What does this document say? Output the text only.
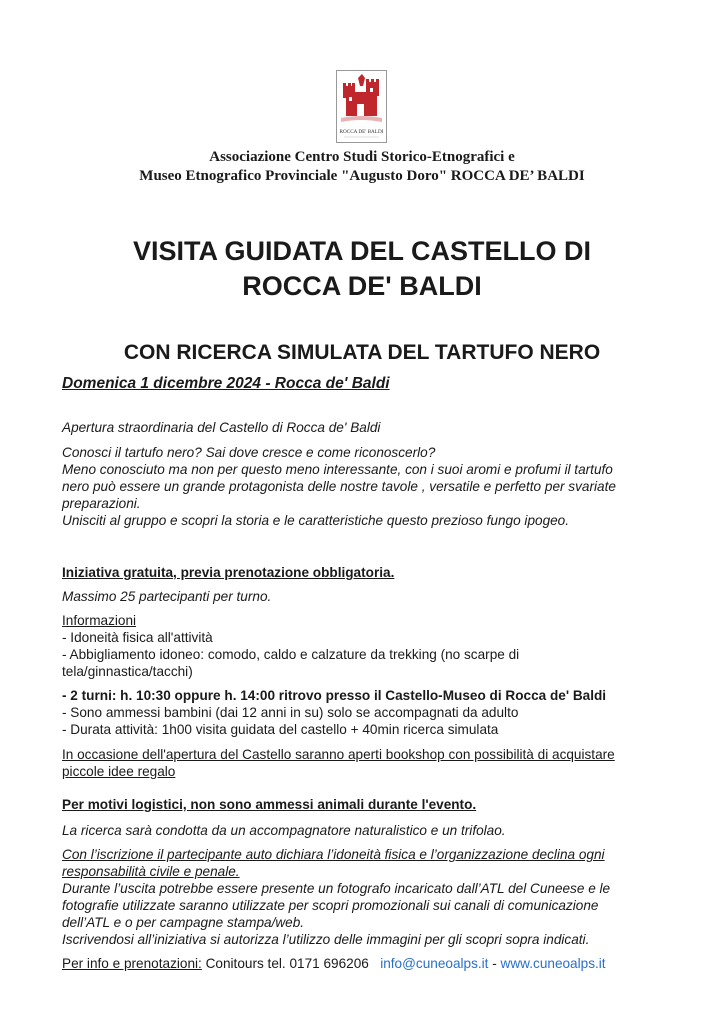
ROCCA DE' BALDI
Associazione Centro Studi Storico-Etnografici e
Museo Etnografico Provinciale "Augusto Doro" ROCCA DE’ BALDI
VISITA GUIDATA DEL CASTELLO DI
ROCCA DE' BALDI
CON RICERCA SIMULATA DEL TARTUFO NERO
Domenica 1 dicembre 2024 - Rocca de' Baldi
Apertura straordinaria del Castello di Rocca de' Baldi

Conosci il tartufo nero? Sai dove cresce e come riconoscerlo?

Meno conosciuto ma non per questo meno interessante, con i suoi aromi e profumi il tartufo

nero può essere un grande protagonista delle nostre tavole , versatile e perfetto per svariate

preparazioni.

Unisciti al gruppo e scopri la storia e le caratteristiche questo prezioso fungo ipogeo.

Iniziativa gratuita, previa prenotazione obbligatoria.
Massimo 25 partecipanti per turno.

Informazioni

- Idoneità fisica all'attività

- Abbigliamento idoneo: comodo, caldo e calzature da trekking (no scarpe di

tela/ginnastica/tacchi)

- 2 turni: h. 10:30 oppure h. 14:00 ritrovo presso il Castello-Museo di Rocca de' Baldi

- Sono ammessi bambini (dai 12 anni in su) solo se accompagnati da adulto

- Durata attività: 1h00 visita guidata del castello + 40min ricerca simulata

In occasione dell'apertura del Castello saranno aperti bookshop con possibilità di acquistare

piccole idee regalo

Per motivi logistici, non sono ammessi animali durante l'evento.
La ricerca sarà condotta da un accompagnatore naturalistico e un trifolao.

Con l’iscrizione il partecipante auto dichiara l’idoneità fisica e l’organizzazione declina ogni

responsabilità civile e penale.

Durante l’uscita potrebbe essere presente un fotografo incaricato dall’ATL del Cuneese e le

fotografie utilizzate saranno utilizzate per scopri promozionali sui canali di comunicazione

dell’ATL e o per campagne stampa/web.

Iscrivendosi all’iniziativa si autorizza l’utilizzo delle immagini per gli scopri sopra indicati.

Per info e prenotazioni: Conitours tel. 0171 696206 info@cuneoalps.it - www.cuneoalps.it
